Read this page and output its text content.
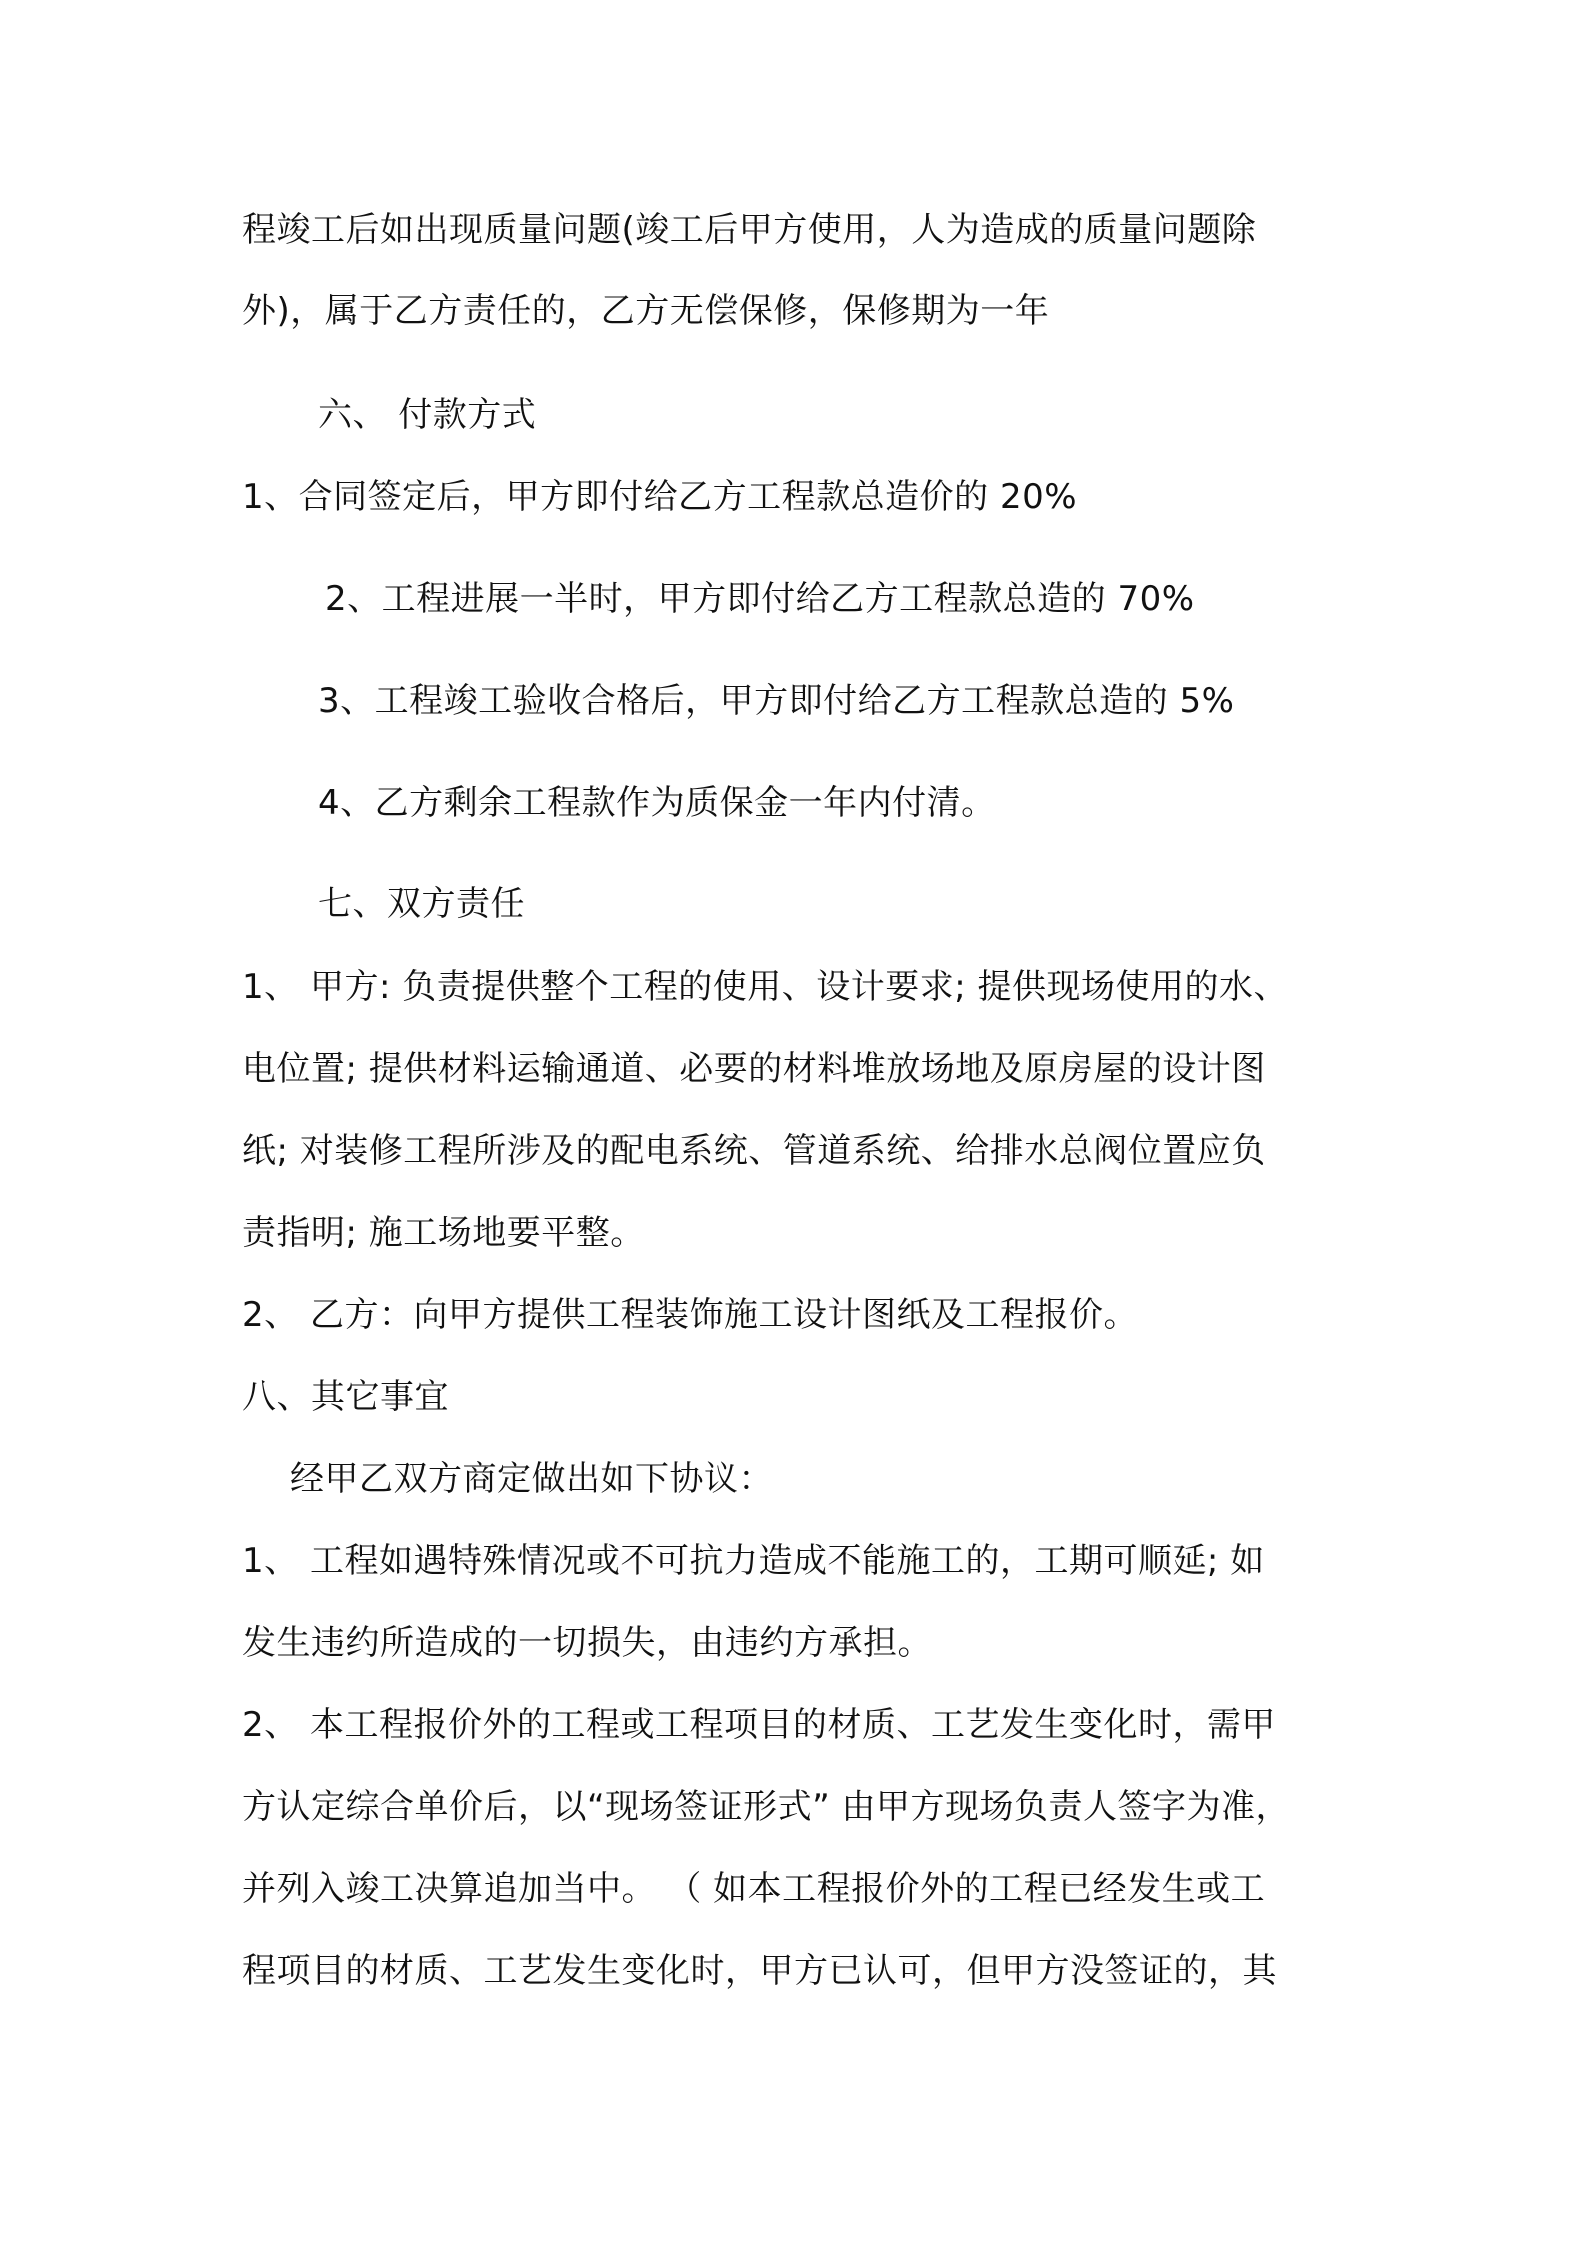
程竣工后如出现质量问题(竣工后甲方使用，人为造成的质量问题除
外)，属于乙方责任的，乙方无偿保修，保修期为一年
六、 付款方式
1、合同签定后，甲方即付给乙方工程款总造价的 20%
2、工程进展一半时，甲方即付给乙方工程款总造的 70%
3、工程竣工验收合格后，甲方即付给乙方工程款总造的 5%
4、乙方剩余工程款作为质保金一年内付清。
七、双方责任
1、 甲方: 负责提供整个工程的使用、设计要求; 提供现场使用的水、
电位置; 提供材料运输通道、必要的材料堆放场地及原房屋的设计图
纸; 对装修工程所涉及的配电系统、管道系统、给排水总阀位置应负
责指明; 施工场地要平整。
2、 乙方：向甲方提供工程装饰施工设计图纸及工程报价。
八、其它事宜
经甲乙双方商定做出如下协议：
1、 工程如遇特殊情况或不可抗力造成不能施工的，工期可顺延; 如
发生违约所造成的一切损失，由违约方承担。
2、 本工程报价外的工程或工程项目的材质、工艺发生变化时，需甲
方认定综合单价后，以“现场签证形式” 由甲方现场负责人签字为准，
并列入竣工决算追加当中。 （ 如本工程报价外的工程已经发生或工
程项目的材质、工艺发生变化时，甲方已认可，但甲方没签证的，其
